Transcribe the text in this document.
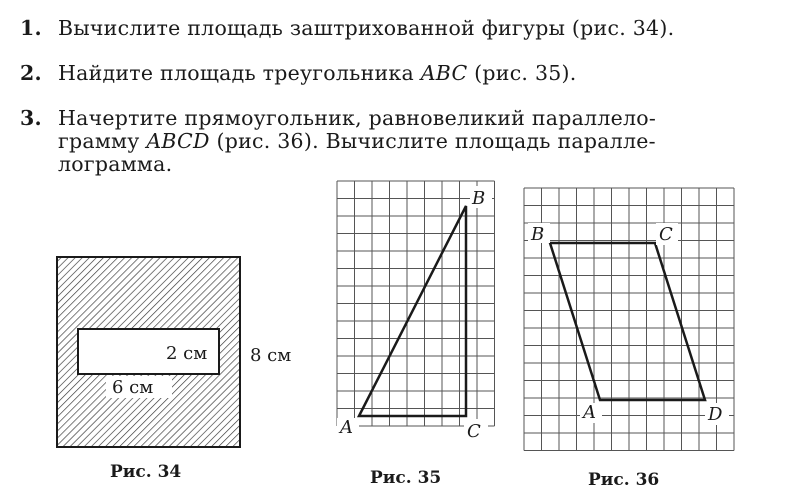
1. Вычислите площадь заштрихованной фигуры (рис. 34).
2. Найдите площадь треугольника ABC (рис. 35).
3. Начертите прямоугольник, равновеликий параллело-
грамму ABCD (рис. 36). Вычислите площадь паралле-
лограмма.
2 см
6 см
8 см
A
B
C
A
B	C
D
Рис. 34	Рис. 35	Рис. 36
